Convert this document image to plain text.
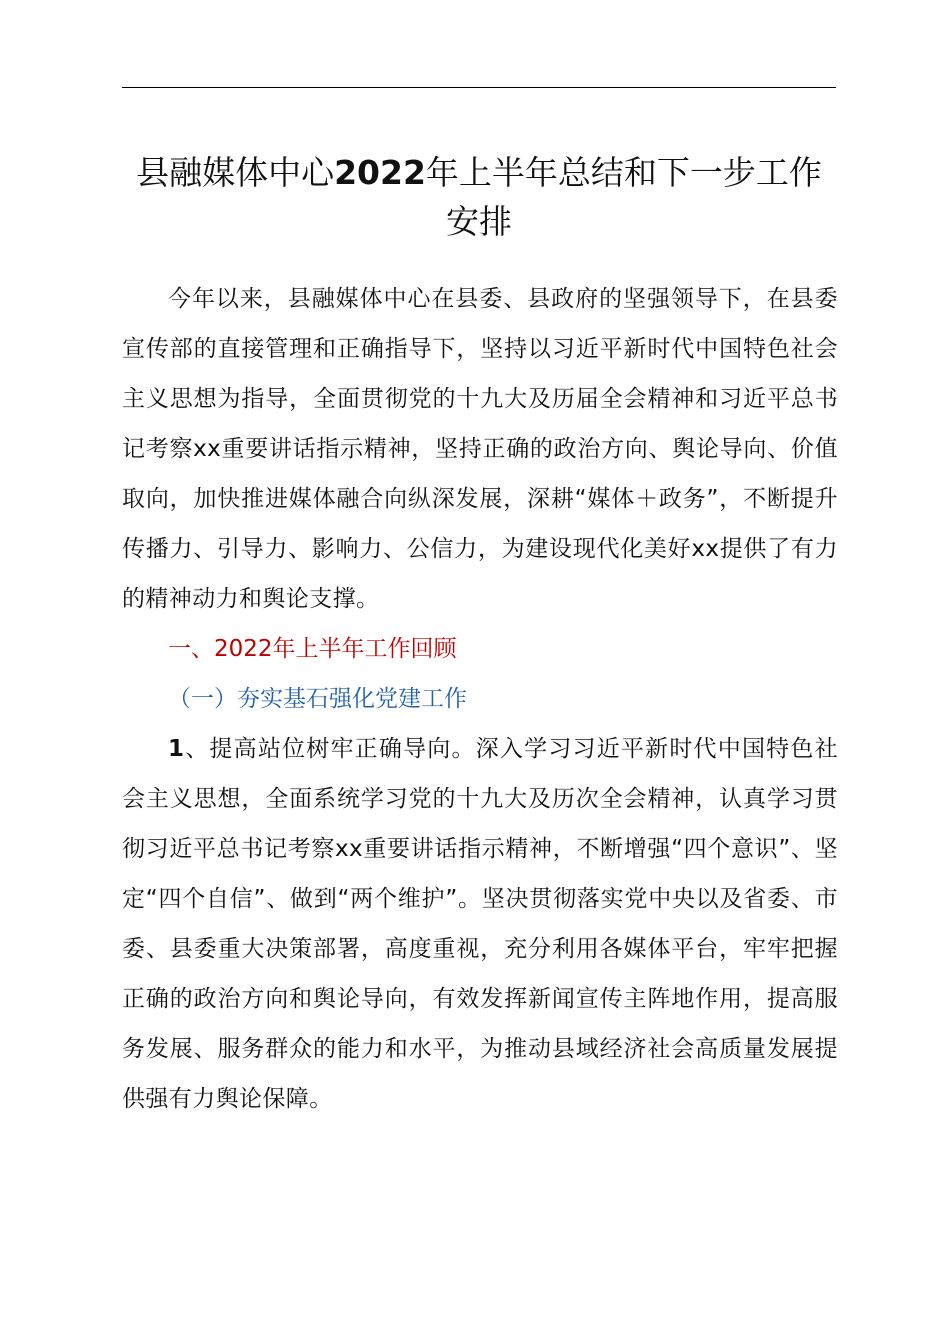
县融媒体中心2022年上半年总结和下一步工作安排

今年以来，县融媒体中心在县委、县政府的坚强领导下，在县委宣传部的直接管理和正确指导下，坚持以习近平新时代中国特色社会主义思想为指导，全面贯彻党的十九大及历届全会精神和习近平总书记考察xx重要讲话指示精神，坚持正确的政治方向、舆论导向、价值取向，加快推进媒体融合向纵深发展，深耕“媒体＋政务”，不断提升传播力、引导力、影响力、公信力，为建设现代化美好xx提供了有力的精神动力和舆论支撑。

一、2022年上半年工作回顾

（一）夯实基石强化党建工作

1、提高站位树牢正确导向。深入学习习近平新时代中国特色社会主义思想，全面系统学习党的十九大及历次全会精神，认真学习贯彻习近平总书记考察xx重要讲话指示精神，不断增强“四个意识”、坚定“四个自信”、做到“两个维护”。坚决贯彻落实党中央以及省委、市委、县委重大决策部署，高度重视，充分利用各媒体平台，牢牢把握正确的政治方向和舆论导向，有效发挥新闻宣传主阵地作用，提高服务发展、服务群众的能力和水平，为推动县域经济社会高质量发展提供强有力舆论保障。
